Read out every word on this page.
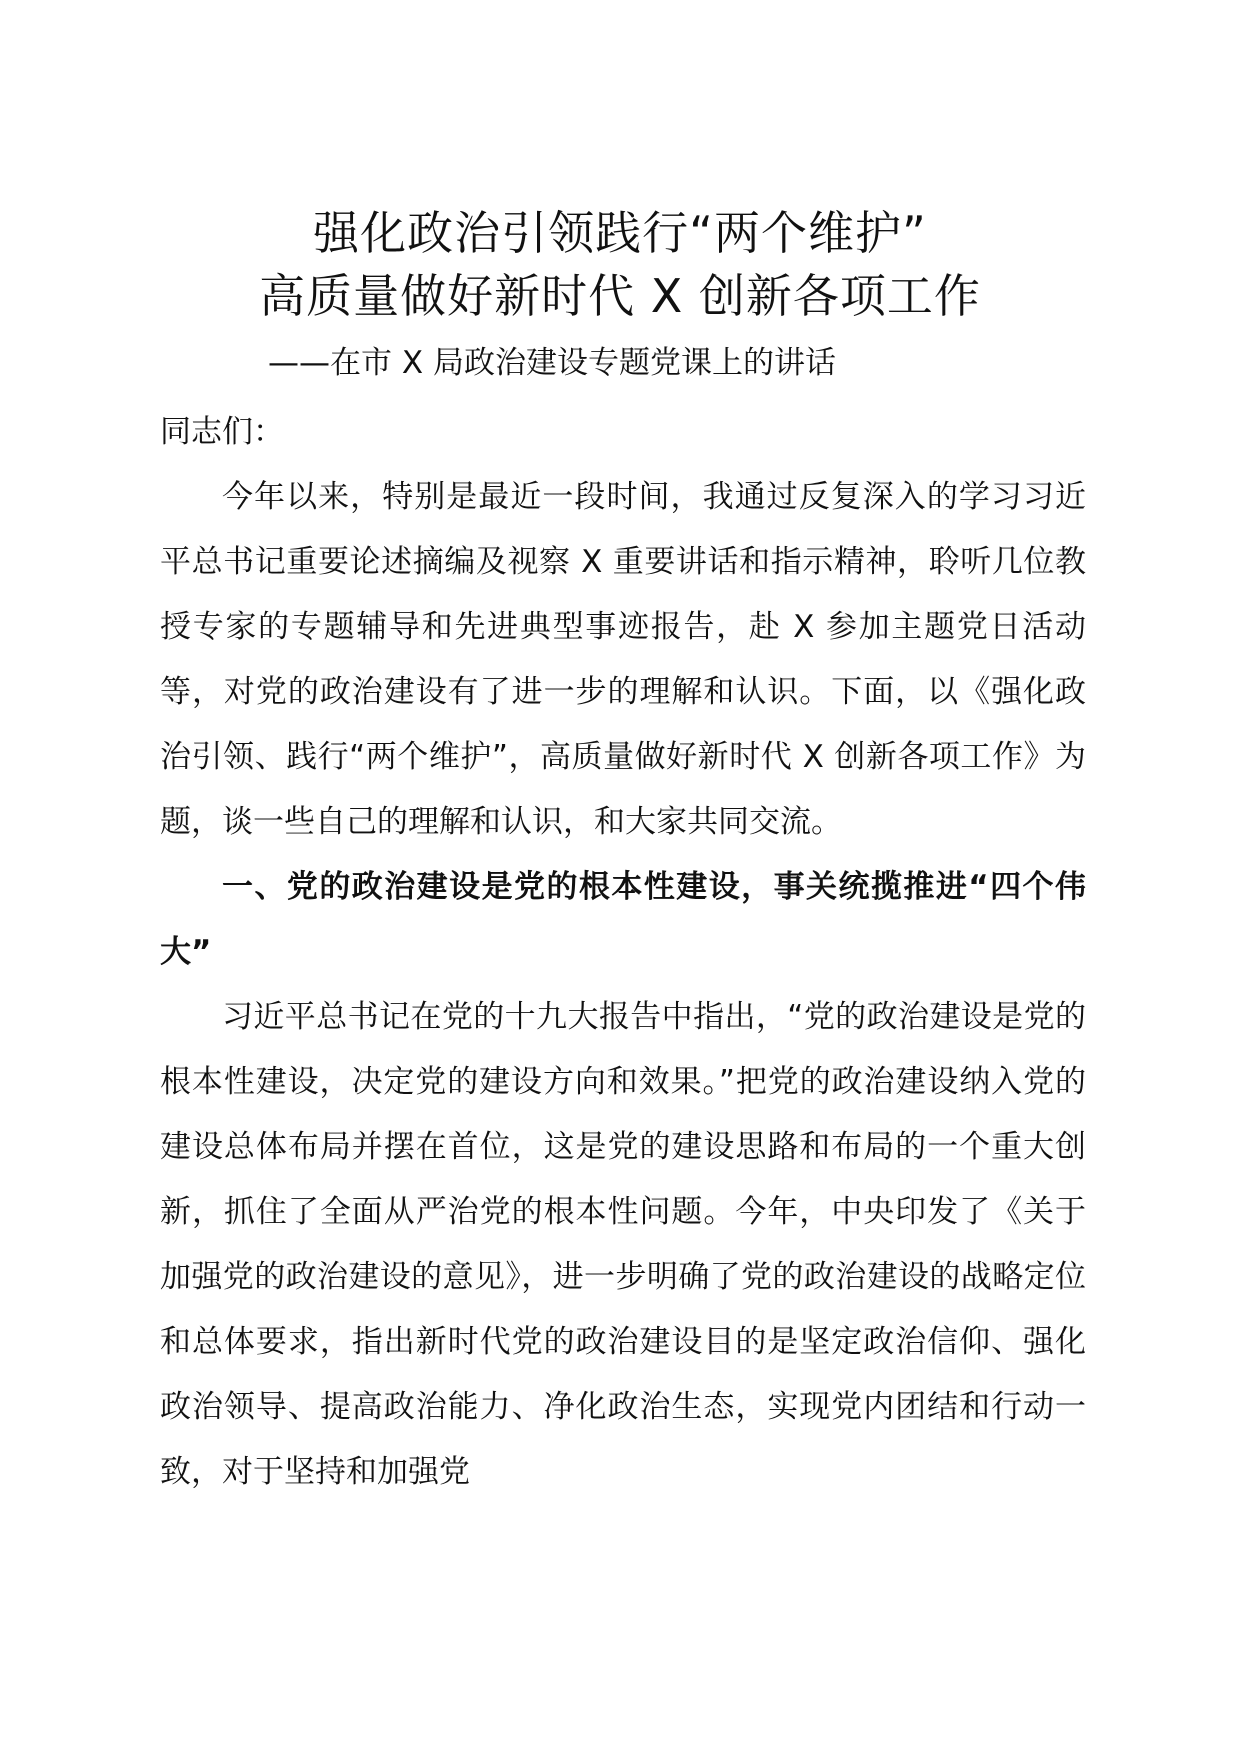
强化政治引领践行“两个维护”
高质量做好新时代 X 创新各项工作
——在市 X 局政治建设专题党课上的讲话

同志们：

今年以来，特别是最近一段时间，我通过反复深入的学习习近平总书记重要论述摘编及视察 X 重要讲话和指示精神，聆听几位教授专家的专题辅导和先进典型事迹报告，赴 X 参加主题党日活动等，对党的政治建设有了进一步的理解和认识。下面，以《强化政治引领、践行“两个维护”，高质量做好新时代 X 创新各项工作》为题，谈一些自己的理解和认识，和大家共同交流。

一、党的政治建设是党的根本性建设，事关统揽推进“四个伟大”

习近平总书记在党的十九大报告中指出，“党的政治建设是党的根本性建设，决定党的建设方向和效果。”把党的政治建设纳入党的建设总体布局并摆在首位，这是党的建设思路和布局的一个重大创新，抓住了全面从严治党的根本性问题。今年，中央印发了《关于加强党的政治建设的意见》，进一步明确了党的政治建设的战略定位和总体要求，指出新时代党的政治建设目的是坚定政治信仰、强化政治领导、提高政治能力、净化政治生态，实现党内团结和行动一致，对于坚持和加强党
